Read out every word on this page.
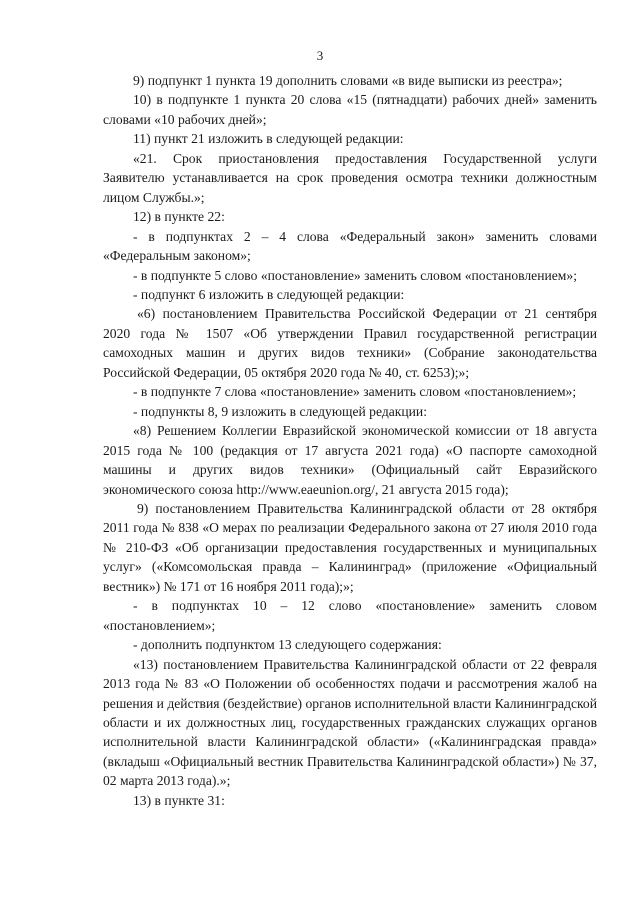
3

9) подпункт 1 пункта 19 дополнить словами «в виде выписки из реестра»;

10) в подпункте 1 пункта 20 слова «15 (пятнадцати) рабочих дней» заменить словами «10 рабочих дней»;

11) пункт 21 изложить в следующей редакции:

«21. Срок приостановления предоставления Государственной услуги Заявителю устанавливается на срок проведения осмотра техники должностным лицом Службы.»;

12) в пункте 22:

- в подпунктах 2 – 4 слова «Федеральный закон» заменить словами «Федеральным законом»;

- в подпункте 5 слово «постановление» заменить словом «постановлением»;

- подпункт 6 изложить в следующей редакции:

«6) постановлением Правительства Российской Федерации от 21 сентября 2020 года № 1507 «Об утверждении Правил государственной регистрации самоходных машин и других видов техники» (Собрание законодательства Российской Федерации, 05 октября 2020 года № 40, ст. 6253);»;

- в подпункте 7 слова «постановление» заменить словом «постановлением»;

- подпункты 8, 9 изложить в следующей редакции:

«8) Решением Коллегии Евразийской экономической комиссии от 18 августа 2015 года № 100 (редакция от 17 августа 2021 года) «О паспорте самоходной машины и других видов техники» (Официальный сайт Евразийского экономического союза http://www.eaeunion.org/, 21 августа 2015 года);

9) постановлением Правительства Калининградской области от 28 октября 2011 года № 838 «О мерах по реализации Федерального закона от 27 июля 2010 года № 210-ФЗ «Об организации предоставления государственных и муниципальных услуг» («Комсомольская правда – Калининград» (приложение «Официальный вестник») № 171 от 16 ноября 2011 года);»;

- в подпунктах 10 – 12 слово «постановление» заменить словом «постановлением»;

- дополнить подпунктом 13 следующего содержания:

«13) постановлением Правительства Калининградской области от 22 февраля 2013 года № 83 «О Положении об особенностях подачи и рассмотрения жалоб на решения и действия (бездействие) органов исполнительной власти Калининградской области и их должностных лиц, государственных гражданских служащих органов исполнительной власти Калининградской области» («Калининградская правда» (вкладыш «Официальный вестник Правительства Калининградской области») № 37, 02 марта 2013 года).»;

13) в пункте 31:
